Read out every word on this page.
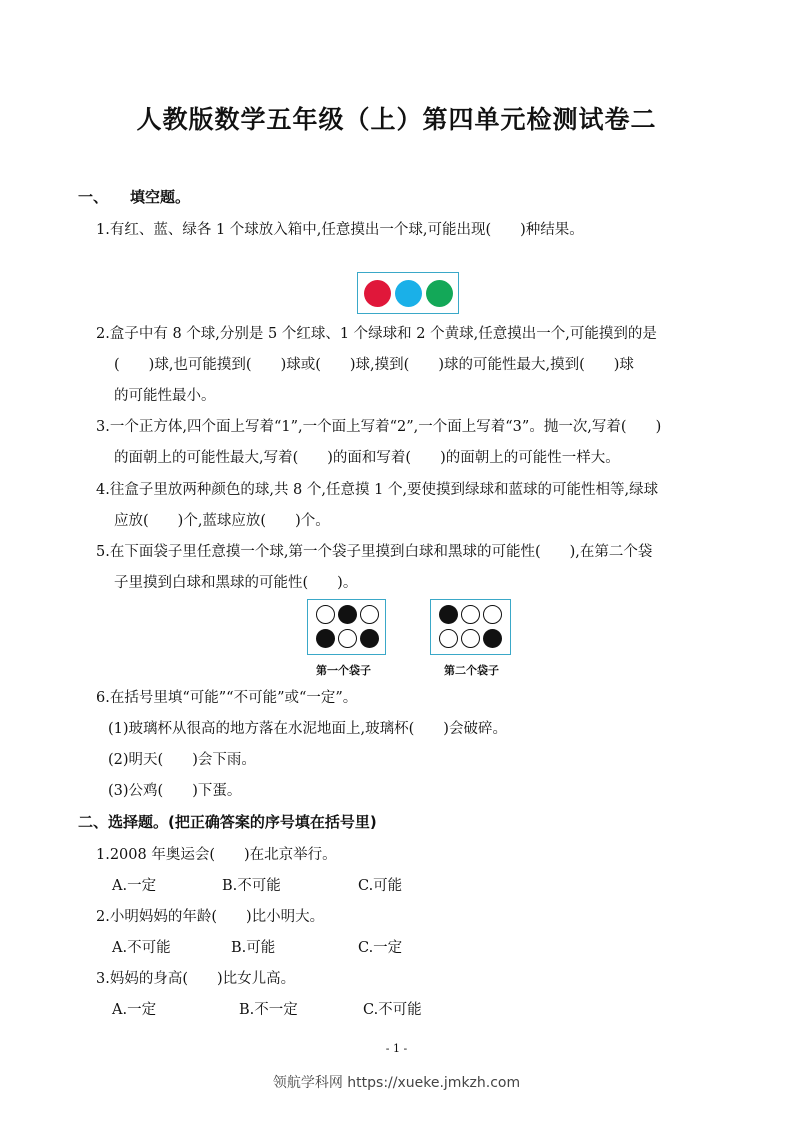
人教版数学五年级（上）第四单元检测试卷二
一、 填空题。
1.有红、蓝、绿各 1 个球放入箱中,任意摸出一个球,可能出现(　　)种结果。
2.盒子中有 8 个球,分别是 5 个红球、1 个绿球和 2 个黄球,任意摸出一个,可能摸到的是
(　　)球,也可能摸到(　　)球或(　　)球,摸到(　　)球的可能性最大,摸到(　　)球
的可能性最小。
3.一个正方体,四个面上写着“1”,一个面上写着“2”,一个面上写着“3”。抛一次,写着(　　)
的面朝上的可能性最大,写着(　　)的面和写着(　　)的面朝上的可能性一样大。
4.往盒子里放两种颜色的球,共 8 个,任意摸 1 个,要使摸到绿球和蓝球的可能性相等,绿球
应放(　　)个,蓝球应放(　　)个。
5.在下面袋子里任意摸一个球,第一个袋子里摸到白球和黑球的可能性(　　),在第二个袋
子里摸到白球和黑球的可能性(　　)。
第一个袋子	第二个袋子
6.在括号里填“可能”“不可能”或“一定”。
(1)玻璃杯从很高的地方落在水泥地面上,玻璃杯(　　)会破碎。
(2)明天(　　)会下雨。
(3)公鸡(　　)下蛋。
二、选择题。(把正确答案的序号填在括号里)
1.2008 年奥运会(　　)在北京举行。
A.一定	B.不可能	C.可能
2.小明妈妈的年龄(　　)比小明大。
A.不可能	B.可能	C.一定
3.妈妈的身高(　　)比女儿高。
A.一定	B.不一定	C.不可能
- 1 -
领航学科网 https://xueke.jmkzh.com
